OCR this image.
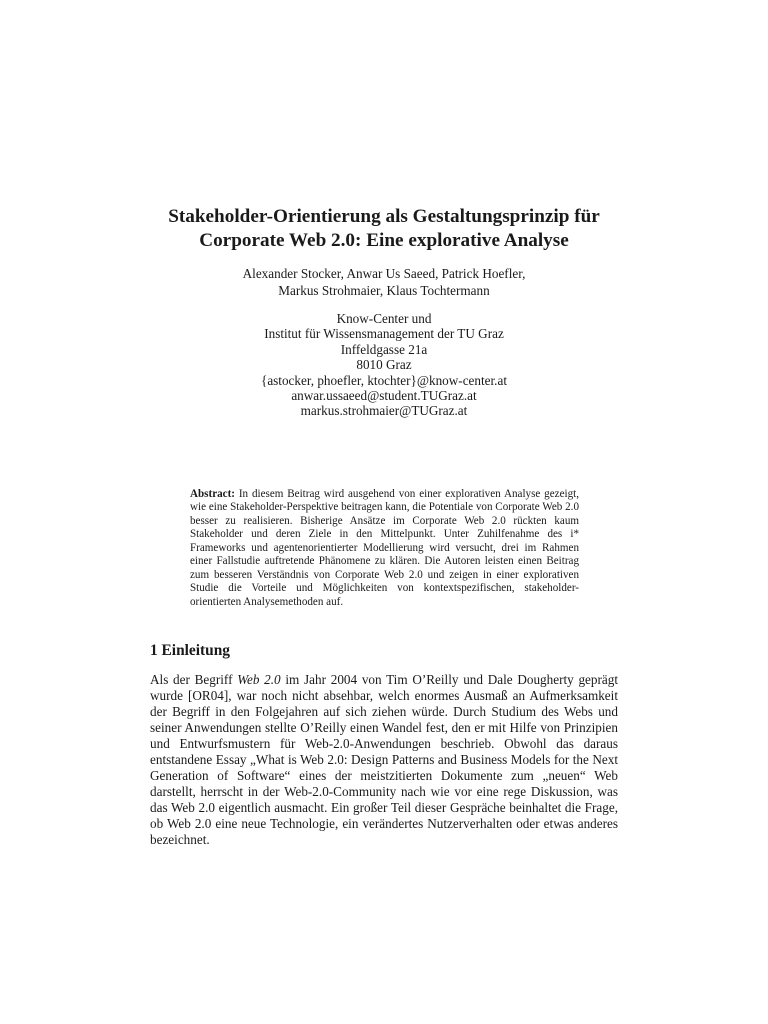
Stakeholder-Orientierung als Gestaltungsprinzip für
Corporate Web 2.0: Eine explorative Analyse
Alexander Stocker, Anwar Us Saeed, Patrick Hoefler,
Markus Strohmaier, Klaus Tochtermann
Know-Center und
Institut für Wissensmanagement der TU Graz
Inffeldgasse 21a
8010 Graz
{astocker, phoefler, ktochter}@know-center.at
anwar.ussaeed@student.TUGraz.at
markus.strohmaier@TUGraz.at
Abstract: In diesem Beitrag wird ausgehend von einer explorativen Analyse gezeigt, wie eine Stakeholder-Perspektive beitragen kann, die Potentiale von Corporate Web 2.0 besser zu realisieren. Bisherige Ansätze im Corporate Web 2.0 rückten kaum Stakeholder und deren Ziele in den Mittelpunkt. Unter Zuhilfenahme des i* Frameworks und agentenorientierter Modellierung wird versucht, drei im Rahmen einer Fallstudie auftretende Phänomene zu klären. Die Autoren leisten einen Beitrag zum besseren Verständnis von Corporate Web 2.0 und zeigen in einer explorativen Studie die Vorteile und Möglichkeiten von kontextspezifischen, stakeholder-orientierten Analysemethoden auf.
1 Einleitung
Als der Begriff Web 2.0 im Jahr 2004 von Tim O’Reilly und Dale Dougherty geprägt wurde [OR04], war noch nicht absehbar, welch enormes Ausmaß an Aufmerksamkeit der Begriff in den Folgejahren auf sich ziehen würde. Durch Studium des Webs und seiner Anwendungen stellte O’Reilly einen Wandel fest, den er mit Hilfe von Prinzipien und Entwurfsmustern für Web-2.0-Anwendungen beschrieb. Obwohl das daraus entstandene Essay „What is Web 2.0: Design Patterns and Business Models for the Next Generation of Software“ eines der meistzitierten Dokumente zum „neuen“ Web darstellt, herrscht in der Web-2.0-Community nach wie vor eine rege Diskussion, was das Web 2.0 eigentlich ausmacht. Ein großer Teil dieser Gespräche beinhaltet die Frage, ob Web 2.0 eine neue Technologie, ein verändertes Nutzerverhalten oder etwas anderes bezeichnet.
